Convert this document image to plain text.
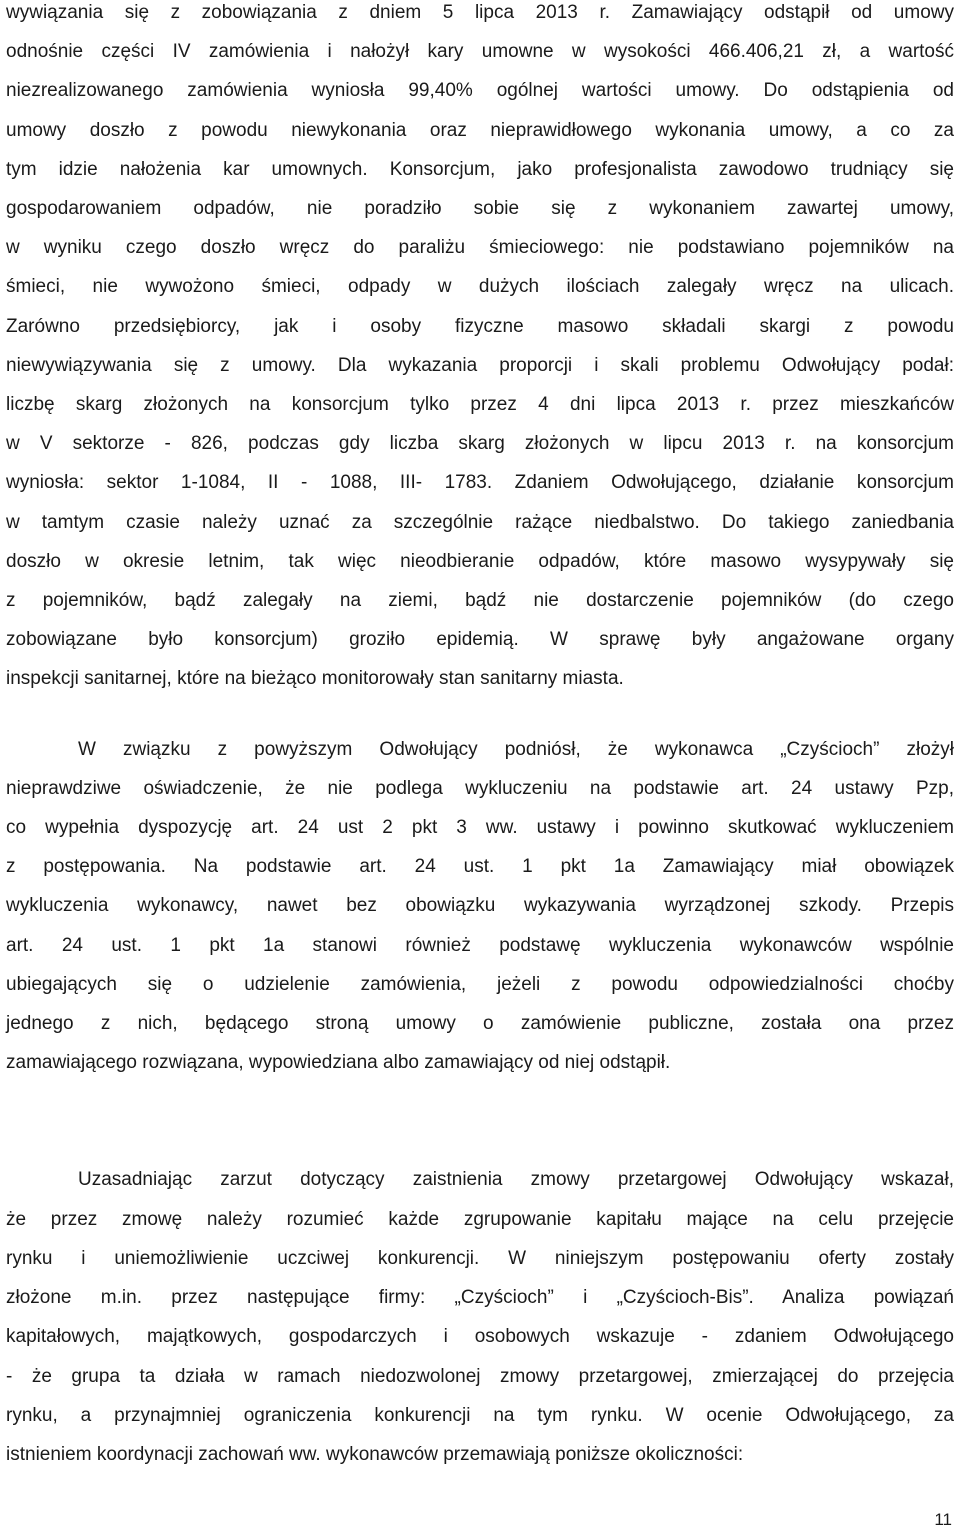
wywiązania się z zobowiązania z dniem 5 lipca 2013 r. Zamawiający odstąpił od umowy
odnośnie części IV zamówienia i nałożył kary umowne w wysokości 466.406,21 zł, a wartość
niezrealizowanego zamówienia wyniosła 99,40% ogólnej wartości umowy. Do odstąpienia od
umowy doszło z powodu niewykonania oraz nieprawidłowego wykonania umowy, a co za
tym idzie nałożenia kar umownych. Konsorcjum, jako profesjonalista zawodowo trudniący się
gospodarowaniem odpadów, nie poradziło sobie się z wykonaniem zawartej umowy,
w wyniku czego doszło wręcz do paraliżu śmieciowego: nie podstawiano pojemników na
śmieci, nie wywożono śmieci, odpady w dużych ilościach zalegały wręcz na ulicach.
Zarówno przedsiębiorcy, jak i osoby fizyczne masowo składali skargi z powodu
niewywiązywania się z umowy. Dla wykazania proporcji i skali problemu Odwołujący podał:
liczbę skarg złożonych na konsorcjum tylko przez 4 dni lipca 2013 r. przez mieszkańców
w V sektorze - 826, podczas gdy liczba skarg złożonych w lipcu 2013 r. na konsorcjum
wyniosła: sektor 1-1084, II - 1088, III- 1783. Zdaniem Odwołującego, działanie konsorcjum
w tamtym czasie należy uznać za szczególnie rażące niedbalstwo. Do takiego zaniedbania
doszło w okresie letnim, tak więc nieodbieranie odpadów, które masowo wysypywały się
z pojemników, bądź zalegały na ziemi, bądź nie dostarczenie pojemników (do czego
zobowiązane było konsorcjum) groziło epidemią. W sprawę były angażowane organy
inspekcji sanitarnej, które na bieżąco monitorowały stan sanitarny miasta.
W związku z powyższym Odwołujący podniósł, że wykonawca „Czyścioch” złożył
nieprawdziwe oświadczenie, że nie podlega wykluczeniu na podstawie art. 24 ustawy Pzp,
co wypełnia dyspozycję art. 24 ust 2 pkt 3 ww. ustawy i powinno skutkować wykluczeniem
z postępowania. Na podstawie art. 24 ust. 1 pkt 1a Zamawiający miał obowiązek
wykluczenia wykonawcy, nawet bez obowiązku wykazywania wyrządzonej szkody. Przepis
art. 24 ust. 1 pkt 1a stanowi również podstawę wykluczenia wykonawców wspólnie
ubiegających się o udzielenie zamówienia, jeżeli z powodu odpowiedzialności choćby
jednego z nich, będącego stroną umowy o zamówienie publiczne, została ona przez
zamawiającego rozwiązana, wypowiedziana albo zamawiający od niej odstąpił.
Uzasadniając zarzut dotyczący zaistnienia zmowy przetargowej Odwołujący wskazał,
że przez zmowę należy rozumieć każde zgrupowanie kapitału mające na celu przejęcie
rynku i uniemożliwienie uczciwej konkurencji. W niniejszym postępowaniu oferty zostały
złożone m.in. przez następujące firmy: „Czyścioch” i „Czyścioch-Bis”. Analiza powiązań
kapitałowych, majątkowych, gospodarczych i osobowych wskazuje - zdaniem Odwołującego
- że grupa ta działa w ramach niedozwolonej zmowy przetargowej, zmierzającej do przejęcia
rynku, a przynajmniej ograniczenia konkurencji na tym rynku. W ocenie Odwołującego, za
istnieniem koordynacji zachowań ww. wykonawców przemawiają poniższe okoliczności:
11
